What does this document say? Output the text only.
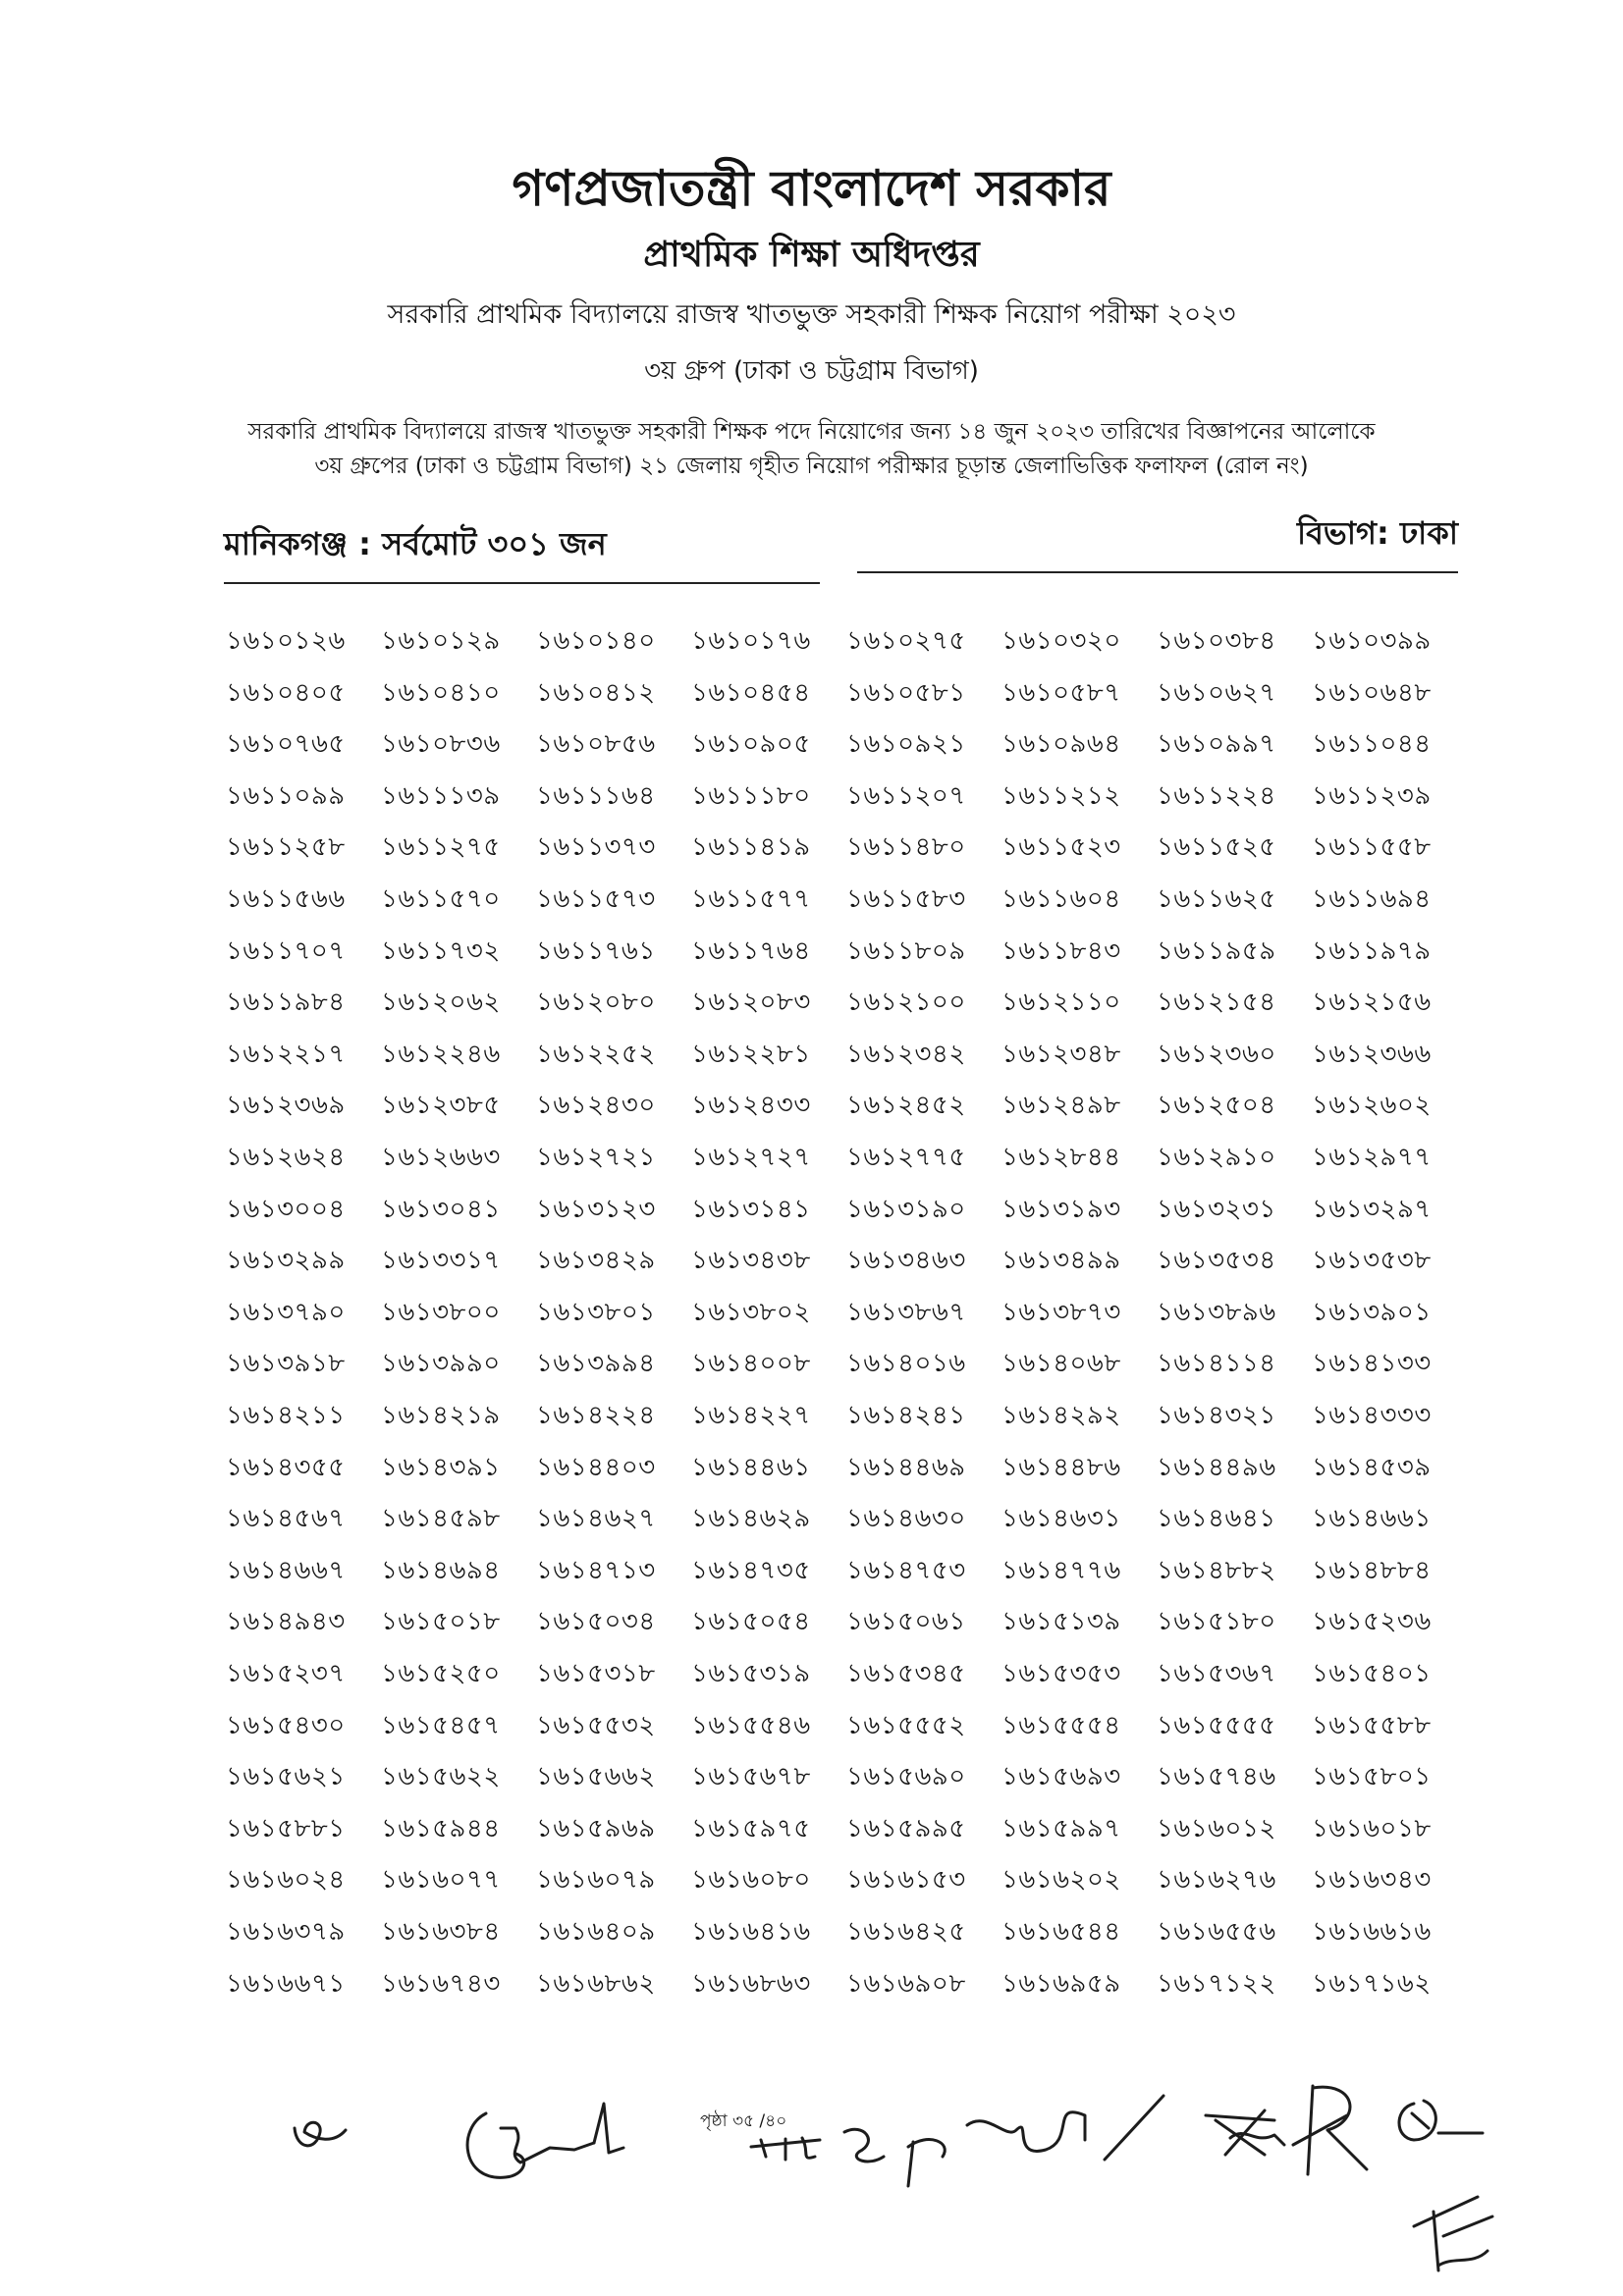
গণপ্রজাতন্ত্রী বাংলাদেশ সরকার
প্রাথমিক শিক্ষা অধিদপ্তর
সরকারি প্রাথমিক বিদ্যালয়ে রাজস্ব খাতভুক্ত সহকারী শিক্ষক নিয়োগ পরীক্ষা ২০২৩
৩য় গ্রুপ (ঢাকা ও চট্টগ্রাম বিভাগ)

সরকারি প্রাথমিক বিদ্যালয়ে রাজস্ব খাতভুক্ত সহকারী শিক্ষক পদে নিয়োগের জন্য ১৪ জুন ২০২৩ তারিখের বিজ্ঞাপনের আলোকে
৩য় গ্রুপের (ঢাকা ও চট্টগ্রাম বিভাগ) ২১ জেলায় গৃহীত নিয়োগ পরীক্ষার চূড়ান্ত জেলাভিত্তিক ফলাফল (রোল নং)

মানিকগঞ্জ : সর্বমোট ৩০১ জন	বিভাগ: ঢাকা
১৬১০১২৬ ১৬১০১২৯ ১৬১০১৪০ ১৬১০১৭৬ ১৬১০২৭৫ ১৬১০৩২০ ১৬১০৩৮৪ ১৬১০৩৯৯
১৬১০৪০৫ ১৬১০৪১০ ১৬১০৪১২ ১৬১০৪৫৪ ১৬১০৫৮১ ১৬১০৫৮৭ ১৬১০৬২৭ ১৬১০৬৪৮
১৬১০৭৬৫ ১৬১০৮৩৬ ১৬১০৮৫৬ ১৬১০৯০৫ ১৬১০৯২১ ১৬১০৯৬৪ ১৬১০৯৯৭ ১৬১১০৪৪
১৬১১০৯৯ ১৬১১১৩৯ ১৬১১১৬৪ ১৬১১১৮০ ১৬১১২০৭ ১৬১১২১২ ১৬১১২২৪ ১৬১১২৩৯
১৬১১২৫৮ ১৬১১২৭৫ ১৬১১৩৭৩ ১৬১১৪১৯ ১৬১১৪৮০ ১৬১১৫২৩ ১৬১১৫২৫ ১৬১১৫৫৮
১৬১১৫৬৬ ১৬১১৫৭০ ১৬১১৫৭৩ ১৬১১৫৭৭ ১৬১১৫৮৩ ১৬১১৬০৪ ১৬১১৬২৫ ১৬১১৬৯৪
১৬১১৭০৭ ১৬১১৭৩২ ১৬১১৭৬১ ১৬১১৭৬৪ ১৬১১৮০৯ ১৬১১৮৪৩ ১৬১১৯৫৯ ১৬১১৯৭৯
১৬১১৯৮৪ ১৬১২০৬২ ১৬১২০৮০ ১৬১২০৮৩ ১৬১২১০০ ১৬১২১১০ ১৬১২১৫৪ ১৬১২১৫৬
১৬১২২১৭ ১৬১২২৪৬ ১৬১২২৫২ ১৬১২২৮১ ১৬১২৩৪২ ১৬১২৩৪৮ ১৬১২৩৬০ ১৬১২৩৬৬
১৬১২৩৬৯ ১৬১২৩৮৫ ১৬১২৪৩০ ১৬১২৪৩৩ ১৬১২৪৫২ ১৬১২৪৯৮ ১৬১২৫০৪ ১৬১২৬০২
১৬১২৬২৪ ১৬১২৬৬৩ ১৬১২৭২১ ১৬১২৭২৭ ১৬১২৭৭৫ ১৬১২৮৪৪ ১৬১২৯১০ ১৬১২৯৭৭
১৬১৩০০৪ ১৬১৩০৪১ ১৬১৩১২৩ ১৬১৩১৪১ ১৬১৩১৯০ ১৬১৩১৯৩ ১৬১৩২৩১ ১৬১৩২৯৭
১৬১৩২৯৯ ১৬১৩৩১৭ ১৬১৩৪২৯ ১৬১৩৪৩৮ ১৬১৩৪৬৩ ১৬১৩৪৯৯ ১৬১৩৫৩৪ ১৬১৩৫৩৮
১৬১৩৭৯০ ১৬১৩৮০০ ১৬১৩৮০১ ১৬১৩৮০২ ১৬১৩৮৬৭ ১৬১৩৮৭৩ ১৬১৩৮৯৬ ১৬১৩৯০১
১৬১৩৯১৮ ১৬১৩৯৯০ ১৬১৩৯৯৪ ১৬১৪০০৮ ১৬১৪০১৬ ১৬১৪০৬৮ ১৬১৪১১৪ ১৬১৪১৩৩
১৬১৪২১১ ১৬১৪২১৯ ১৬১৪২২৪ ১৬১৪২২৭ ১৬১৪২৪১ ১৬১৪২৯২ ১৬১৪৩২১ ১৬১৪৩৩৩
১৬১৪৩৫৫ ১৬১৪৩৯১ ১৬১৪৪০৩ ১৬১৪৪৬১ ১৬১৪৪৬৯ ১৬১৪৪৮৬ ১৬১৪৪৯৬ ১৬১৪৫৩৯
১৬১৪৫৬৭ ১৬১৪৫৯৮ ১৬১৪৬২৭ ১৬১৪৬২৯ ১৬১৪৬৩০ ১৬১৪৬৩১ ১৬১৪৬৪১ ১৬১৪৬৬১
১৬১৪৬৬৭ ১৬১৪৬৯৪ ১৬১৪৭১৩ ১৬১৪৭৩৫ ১৬১৪৭৫৩ ১৬১৪৭৭৬ ১৬১৪৮৮২ ১৬১৪৮৮৪
১৬১৪৯৪৩ ১৬১৫০১৮ ১৬১৫০৩৪ ১৬১৫০৫৪ ১৬১৫০৬১ ১৬১৫১৩৯ ১৬১৫১৮০ ১৬১৫২৩৬
১৬১৫২৩৭ ১৬১৫২৫০ ১৬১৫৩১৮ ১৬১৫৩১৯ ১৬১৫৩৪৫ ১৬১৫৩৫৩ ১৬১৫৩৬৭ ১৬১৫৪০১
১৬১৫৪৩০ ১৬১৫৪৫৭ ১৬১৫৫৩২ ১৬১৫৫৪৬ ১৬১৫৫৫২ ১৬১৫৫৫৪ ১৬১৫৫৫৫ ১৬১৫৫৮৮
১৬১৫৬২১ ১৬১৫৬২২ ১৬১৫৬৬২ ১৬১৫৬৭৮ ১৬১৫৬৯০ ১৬১৫৬৯৩ ১৬১৫৭৪৬ ১৬১৫৮০১
১৬১৫৮৮১ ১৬১৫৯৪৪ ১৬১৫৯৬৯ ১৬১৫৯৭৫ ১৬১৫৯৯৫ ১৬১৫৯৯৭ ১৬১৬০১২ ১৬১৬০১৮
১৬১৬০২৪ ১৬১৬০৭৭ ১৬১৬০৭৯ ১৬১৬০৮০ ১৬১৬১৫৩ ১৬১৬২০২ ১৬১৬২৭৬ ১৬১৬৩৪৩
১৬১৬৩৭৯ ১৬১৬৩৮৪ ১৬১৬৪০৯ ১৬১৬৪১৬ ১৬১৬৪২৫ ১৬১৬৫৪৪ ১৬১৬৫৫৬ ১৬১৬৬১৬
১৬১৬৬৭১ ১৬১৬৭৪৩ ১৬১৬৮৬২ ১৬১৬৮৬৩ ১৬১৬৯০৮ ১৬১৬৯৫৯ ১৬১৭১২২ ১৬১৭১৬২
পৃষ্ঠা ৩৫ /৪০
